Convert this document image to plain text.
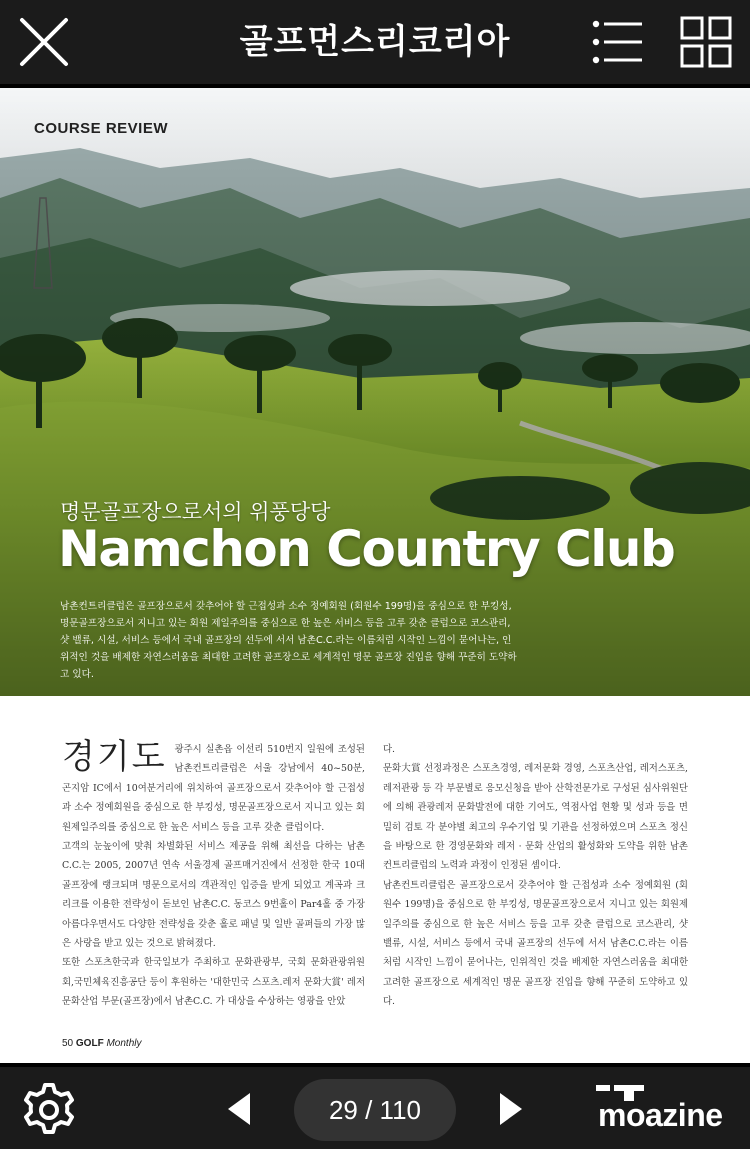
골프먼스리코리아
COURSE REVIEW
명문골프장으로서의 위풍당당
Namchon Country Club
남촌컨트리클럽은 골프장으로서 갖추어야 할 근접성과 소수 정예회원 (회원수 199명)을 중심으로 한 부킹성, 명문골프장으로서 지니고 있는 회원 제일주의를 중심으로 한 높은 서비스 등을 고루 갖춘 클럽으로 코스관리, 샷 밸류, 시설, 서비스 등에서 국내 골프장의 선두에 서서 남촌C.C.라는 이름처럼 시작인 느낌이 묻어나는, 인위적인 것을 배제한 자연스러움을 최대한 고려한 골프장으로 세계적인 명문 골프장 진입을 향해 꾸준히 도약하고 있다.

경기도 광주시 실촌읍 이선리 510번지 일원에 조성된 남촌컨트리클럽은 서울 강남에서 40~50분, 곤지암 IC에서 10여분거리에 위치하여 골프장으로서 갖추어야 할 근접성과 소수 정예회원을 중심으로 한 부킹성, 명문골프장으로서 지니고 있는 회원제일주의를 중심으로 한 높은 서비스 등을 고루 갖춘 클럽이다.

고객의 눈높이에 맞춰 차별화된 서비스 제공을 위해 최선을 다하는 남촌C.C.는 2005, 2007년 연속 서울경제 골프매거진에서 선정한 한국 10대 골프장에 랭크되며 명문으로서의 객관적인 입증을 받게 되었고 계곡과 크리크를 이용한 전략성이 돋보인 남촌C.C. 동코스 9번홀이 Par4홀 중 가장 아름다우면서도 다양한 전략성을 갖춘 홀로 패널 및 일반 골퍼들의 가장 많은 사랑을 받고 있는 것으로 밝혀졌다.

또한 스포츠한국과 한국일보가 주최하고 문화관광부, 국회 문화관광위원회,국민체육진흥공단 등이 후원하는 '대한민국 스포츠.레저 문화大賞' 레저문화산업 부문(골프장)에서 남촌C.C. 가 대상을 수상하는 영광을 안았

다.

문화大賞 선정과정은 스포츠경영, 레저문화 경영, 스포츠산업, 레저스포츠, 레저관광 등 각 부문별로 응모신청을 받아 산학전문가로 구성된 심사위원단에 의해 관광레저 문화발전에 대한 기여도, 역점사업 현황 및 성과 등을 면밀히 검토 각 분야별 최고의 우수기업 및 기관을 선정하였으며 스포츠 정신을 바탕으로 한 경영문화와 레저 · 문화 산업의 활성화와 도약을 위한 남촌컨트리클럽의 노력과 과정이 인정된 셈이다.

남촌컨트리클럽은 골프장으로서 갖추어야 할 근접성과 소수 정예회원 (회원수 199명)을 중심으로 한 부킹성, 명문골프장으로서 지니고 있는 회원제일주의를 중심으로 한 높은 서비스 등을 고루 갖춘 클럽으로 코스관리, 샷 밸류, 시설, 서비스 등에서 국내 골프장의 선두에 서서 남촌C.C.라는 이름처럼 시작인 느낌이 묻어나는, 인위적인 것을 배제한 자연스러움을 최대한 고려한 골프장으로 세계적인 명문 골프장 진입을 향해 꾸준히 도약하고 있다.

50 GOLF Monthly
29 / 110	moazine
